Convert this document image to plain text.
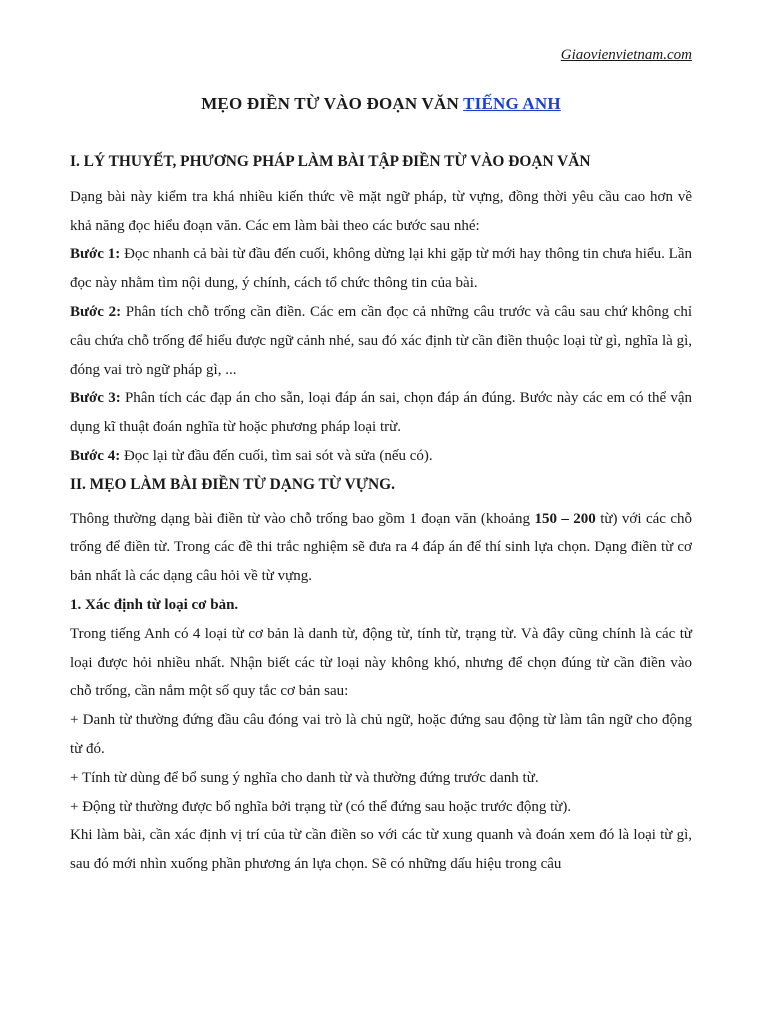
Giaovienvietnam.com
MẸO ĐIỀN TỪ VÀO ĐOẠN VĂN TIẾNG ANH

I. LÝ THUYẾT, PHƯƠNG PHÁP LÀM BÀI TẬP ĐIỀN TỪ VÀO ĐOẠN VĂN

Dạng bài này kiểm tra khá nhiều kiến thức về mặt ngữ pháp, từ vựng, đồng thời yêu cầu cao hơn về khả năng đọc hiểu đoạn văn. Các em làm bài theo các bước sau nhé:

Bước 1: Đọc nhanh cả bài từ đầu đến cuối, không dừng lại khi gặp từ mới hay thông tin chưa hiểu. Lần đọc này nhằm tìm nội dung, ý chính, cách tổ chức thông tin của bài.

Bước 2: Phân tích chỗ trống cần điền. Các em cần đọc cả những câu trước và câu sau chứ không chỉ câu chứa chỗ trống để hiểu được ngữ cảnh nhé, sau đó xác định từ cần điền thuộc loại từ gì, nghĩa là gì, đóng vai trò ngữ pháp gì, ...

Bước 3: Phân tích các đạp án cho sẵn, loại đáp án sai, chọn đáp án đúng. Bước này các em có thể vận dụng kĩ thuật đoán nghĩa từ hoặc phương pháp loại trừ.

Bước 4: Đọc lại từ đầu đến cuối, tìm sai sót và sửa (nếu có).

II. MẸO LÀM BÀI ĐIỀN TỪ DẠNG TỪ VỰNG.

Thông thường dạng bài điền từ vào chỗ trống bao gồm 1 đoạn văn (khoảng 150 – 200 từ) với các chỗ trống để điền từ. Trong các đề thi trắc nghiệm sẽ đưa ra 4 đáp án để thí sinh lựa chọn. Dạng điền từ cơ bản nhất là các dạng câu hỏi về từ vựng.

1. Xác định từ loại cơ bản.

Trong tiếng Anh có 4 loại từ cơ bản là danh từ, động từ, tính từ, trạng từ. Và đây cũng chính là các từ loại được hỏi nhiều nhất. Nhận biết các từ loại này không khó, nhưng để chọn đúng từ cần điền vào chỗ trống, cần nắm một số quy tắc cơ bản sau:

+ Danh từ thường đứng đầu câu đóng vai trò là chủ ngữ, hoặc đứng sau động từ làm tân ngữ cho động từ đó.

+ Tính từ dùng để bổ sung ý nghĩa cho danh từ và thường đứng trước danh từ.

+ Động từ thường được bổ nghĩa bởi trạng từ (có thể đứng sau hoặc trước động từ).

Khi làm bài, cần xác định vị trí của từ cần điền so với các từ xung quanh và đoán xem đó là loại từ gì, sau đó mới nhìn xuống phần phương án lựa chọn. Sẽ có những dấu hiệu trong câu
